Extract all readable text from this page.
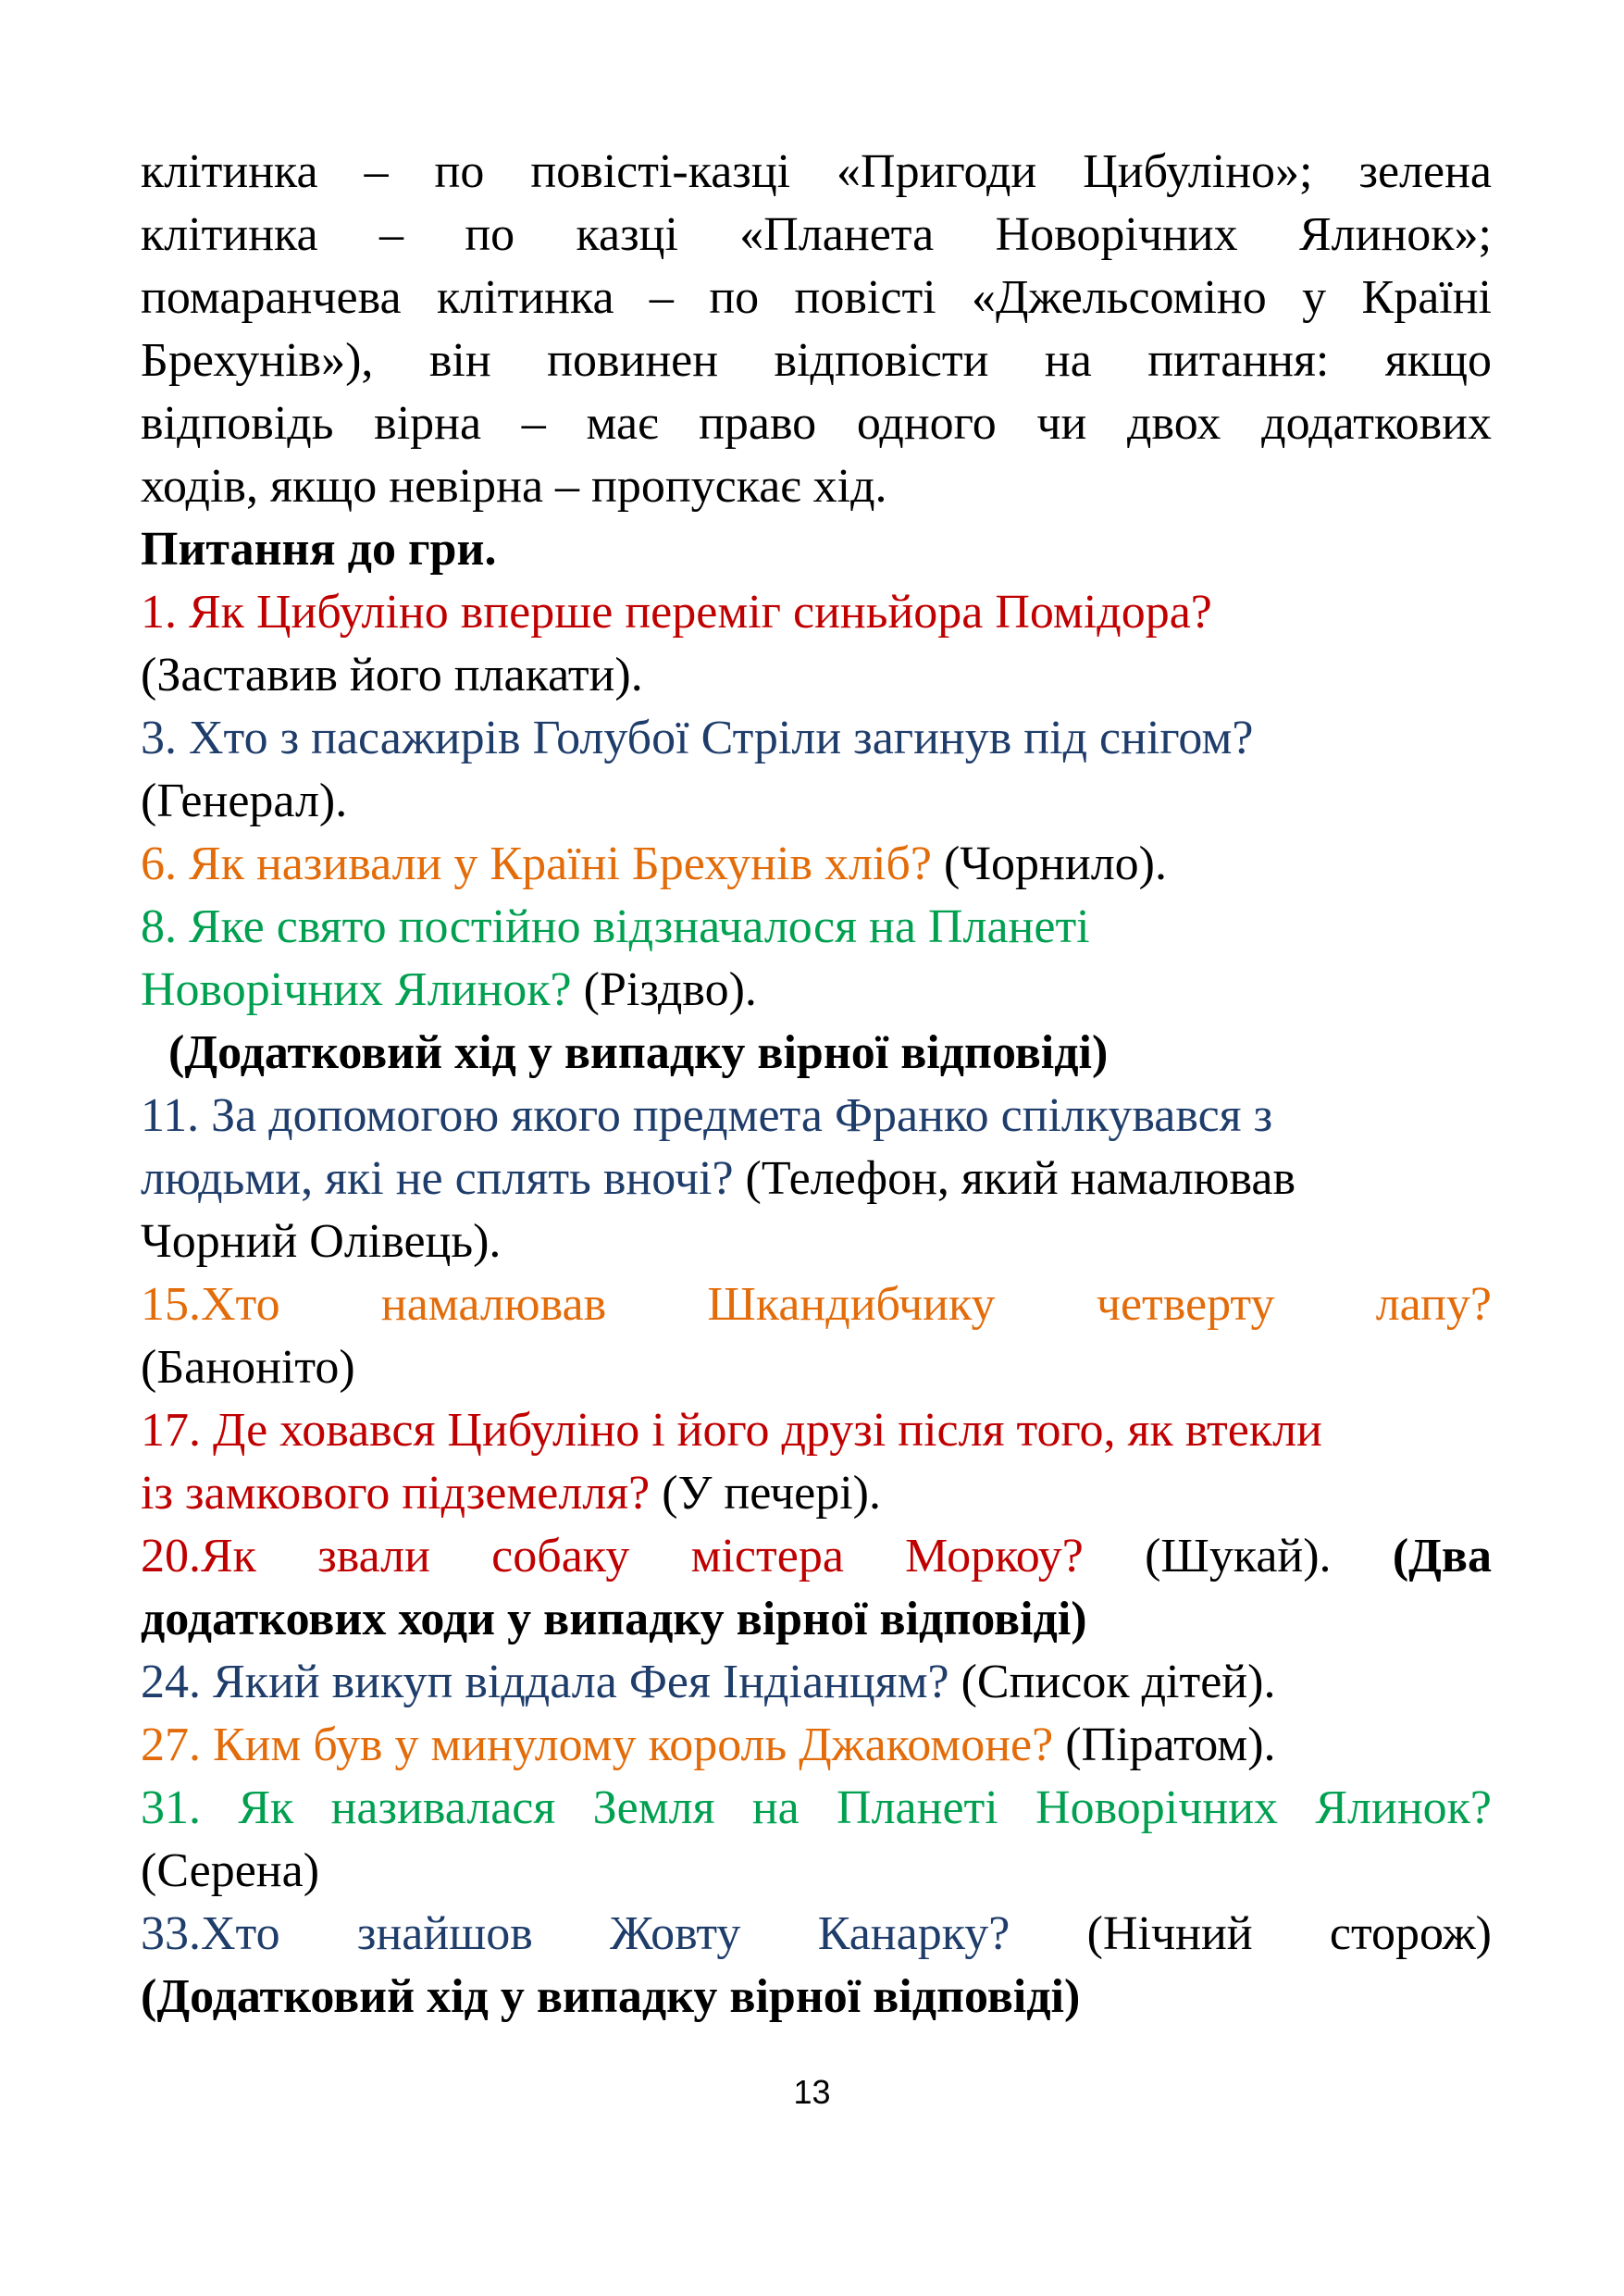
клітинка – по повісті-казці «Пригоди Цибуліно»; зелена

клітинка – по казці «Планета Новорічних Ялинок»;

помаранчева клітинка – по повісті «Джельсоміно у Країні

Брехунів»), він повинен відповісти на питання: якщо

відповідь вірна – має право одного чи двох додаткових

ходів, якщо невірна – пропускає хід.

Питання до гри.

1. Як Цибуліно вперше переміг синьйора Помідора?

(Заставив його плакати).

3. Хто з пасажирів Голубої Стріли загинув під снігом?

(Генерал).

6. Як називали у Країні Брехунів хліб? (Чорнило).

8. Яке свято постійно відзначалося на Планеті

Новорічних Ялинок? (Різдво).

(Додатковий хід у випадку вірної відповіді)

11. За допомогою якого предмета Франко спілкувався з

людьми, які не сплять вночі? (Телефон, який намалював

Чорний Олівець).

15.Хто намалював Шкандибчику четверту лапу?

(Баноніто)

17. Де ховався Цибуліно і його друзі після того, як втекли

із замкового підземелля? (У печері).

20.Як звали собаку містера Моркоу? (Шукай). (Два

додаткових ходи у випадку вірної відповіді)

24. Який викуп віддала Фея Індіанцям? (Список дітей).

27. Ким був у минулому король Джакомоне? (Піратом).

31. Як називалася Земля на Планеті Новорічних Ялинок?

(Серена)

33.Хто знайшов Жовту Канарку? (Нічний сторож)

(Додатковий хід у випадку вірної відповіді)

13
